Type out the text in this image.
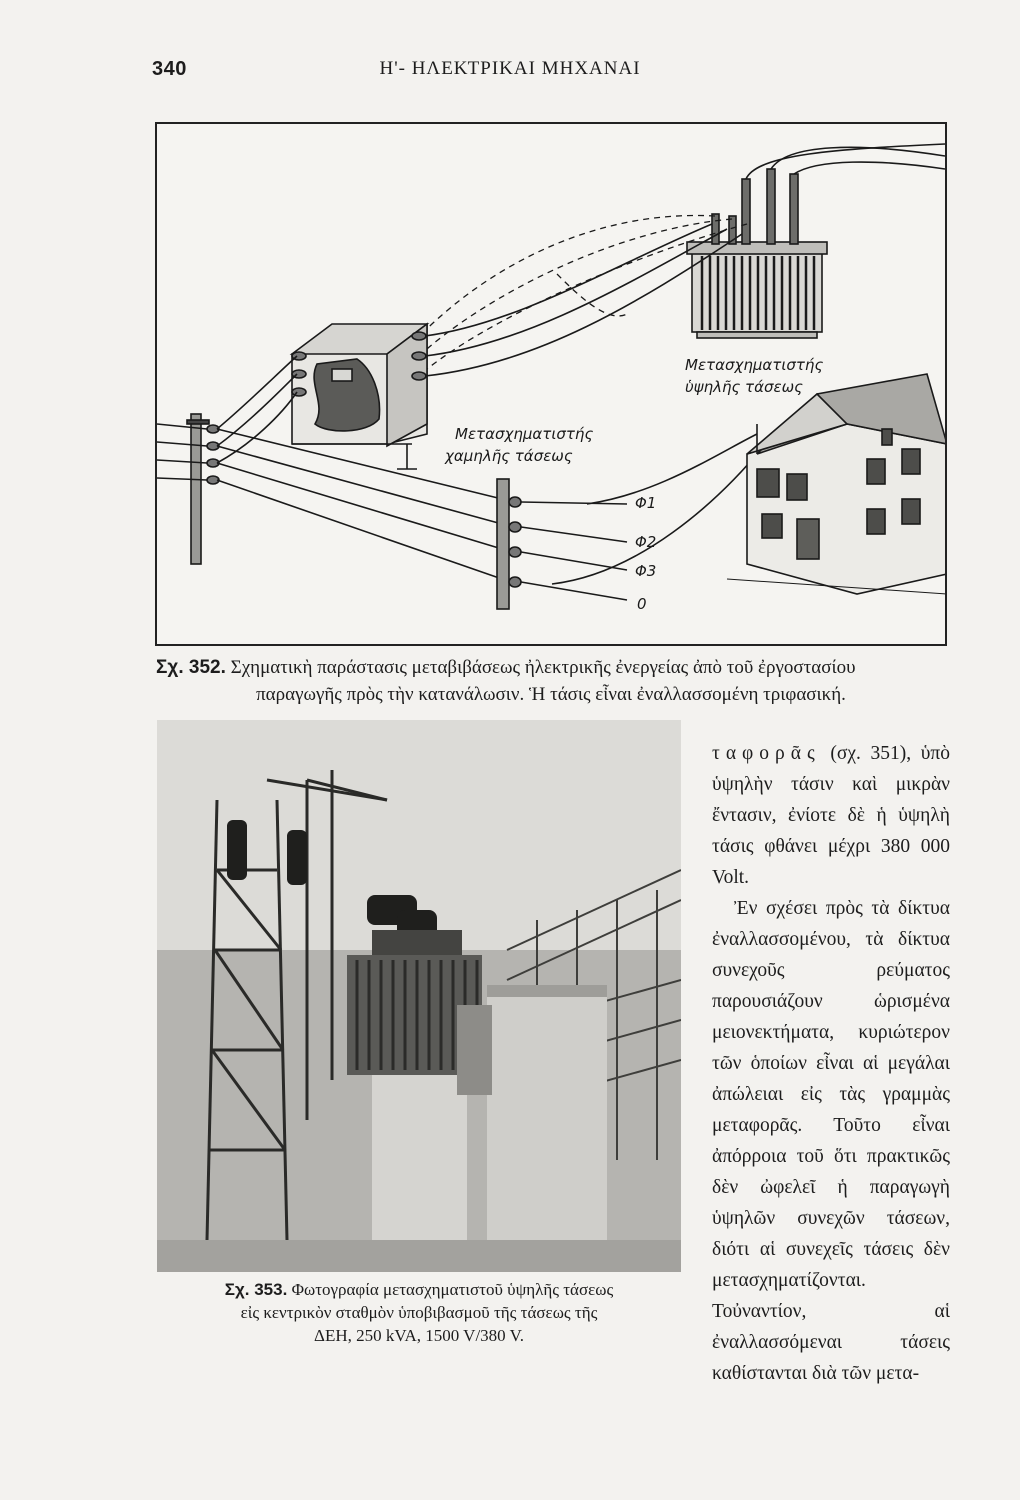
340	Η'- ΗΛΕΚΤΡΙΚΑΙ ΜΗΧΑΝΑΙ
Μετασχηματιστής
ὑψηλῆς τάσεως
Μετασχηματιστής
χαμηλῆς τάσεως
Φ1
Φ2
Φ3
0
Σχ. 352. Σχηματικὴ παράστασις μεταβιβάσεως ἠλεκτρικῆς ἐνεργείας ἀπὸ τοῦ ἐργοστασίου
παραγωγῆς πρὸς τὴν κατανάλωσιν. Ἡ τάσις εἶναι ἐναλλασσομένη τριφασική.
Σχ. 353. Φωτογραφία μετασχηματιστοῦ ὑψηλῆς τάσεως
εἰς κεντρικὸν σταθμὸν ὑποβιβασμοῦ τῆς τάσεως τῆς
ΔΕΗ, 250 kVA, 1500 V/380 V.

ταφορᾶς (σχ. 351), ὑπὸ ὑψηλὴν τάσιν καὶ μικρὰν ἔντασιν, ἐνίοτε δὲ ἡ ὑψηλὴ τάσις φθάνει μέχρι 380 000 Volt.

Ἐν σχέσει πρὸς τὰ δίκτυα ἐναλλασσομένου, τὰ δίκτυα συνεχοῦς ρεύματος παρουσιάζουν ὡρισμένα μειονεκτήματα, κυριώτερον τῶν ὁποίων εἶναι αἱ μεγάλαι ἀπώλειαι εἰς τὰς γραμμὰς μεταφορᾶς. Τοῦτο εἶναι ἀπόρροια τοῦ ὅτι πρακτικῶς δὲν ὠφελεῖ ἡ παραγωγὴ ὑψηλῶν συνεχῶν τάσεων, διότι αἱ συνεχεῖς τάσεις δὲν μετασχηματίζονται. Τοὐναντίον, αἱ ἐναλλασσόμεναι τάσεις καθίστανται διὰ τῶν μετα-
